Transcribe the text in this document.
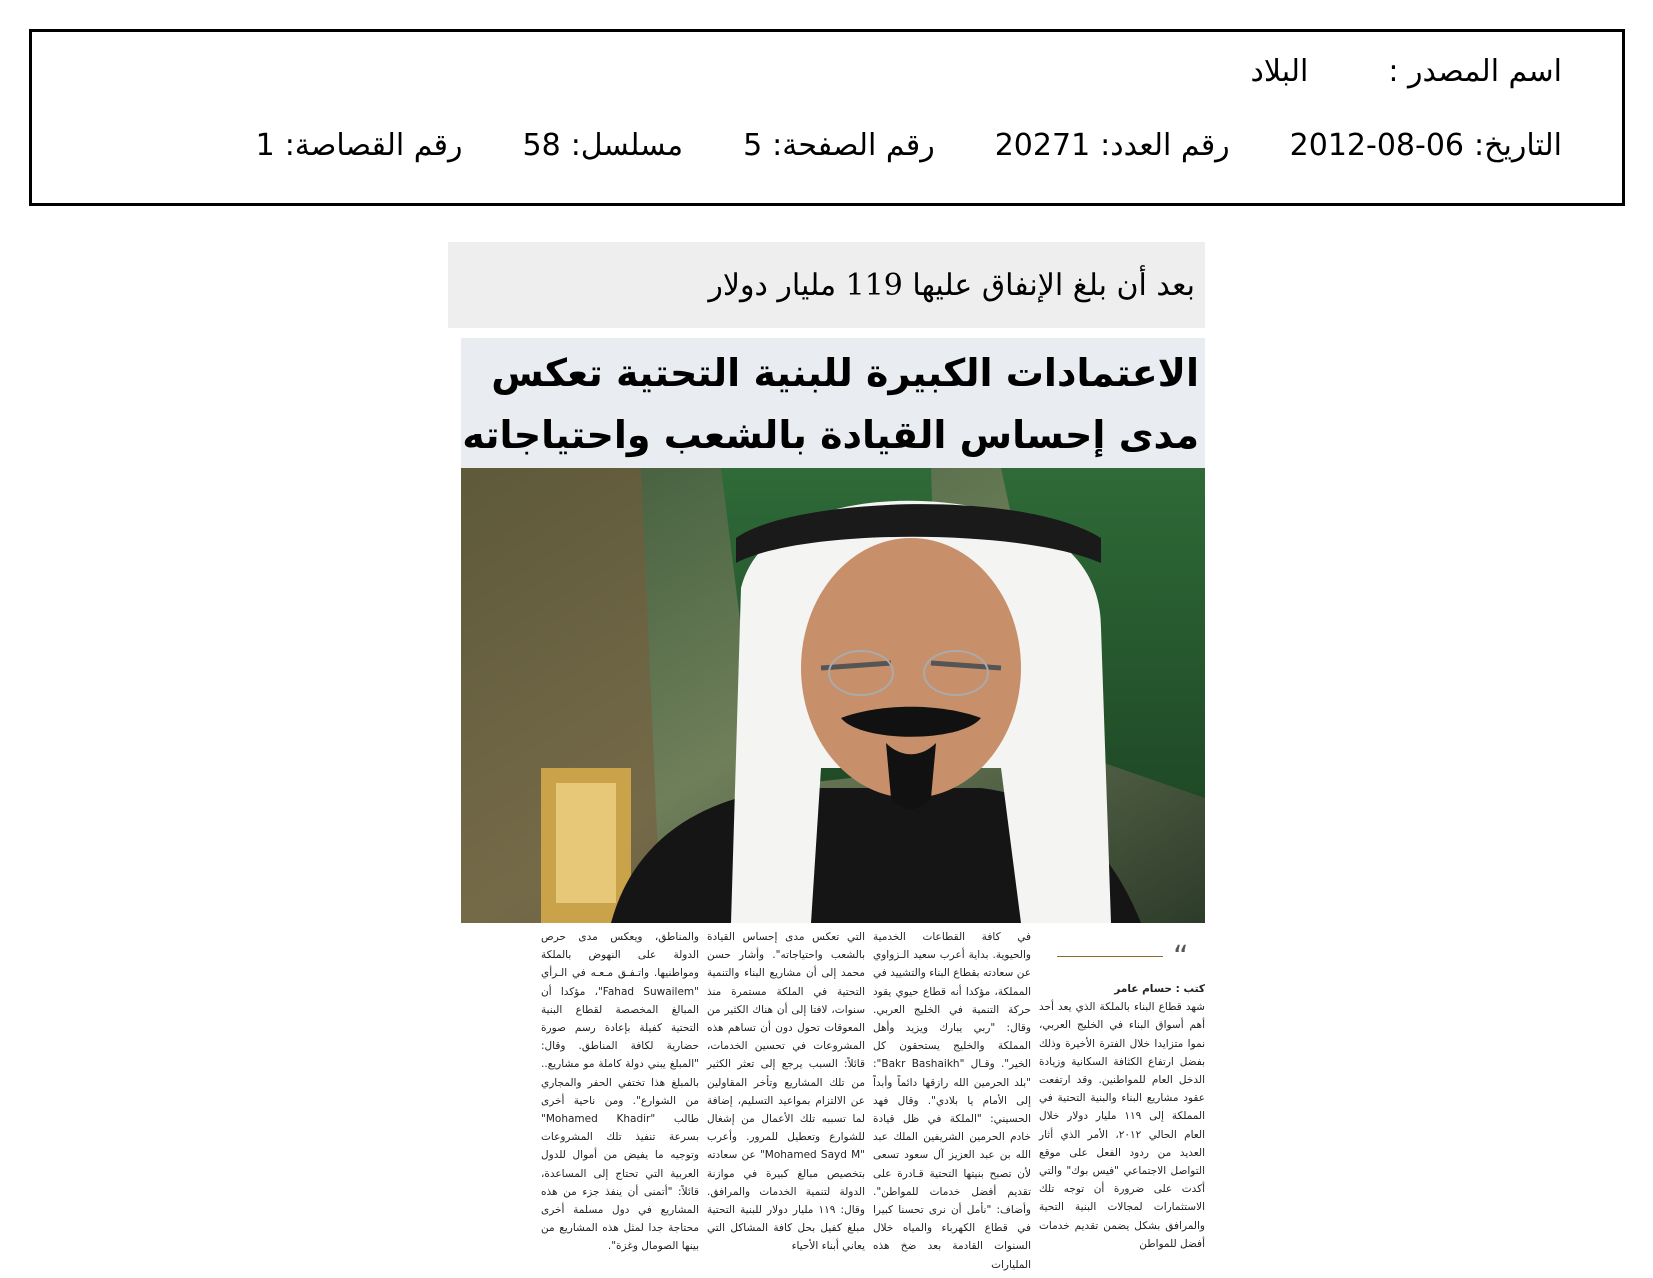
اسم المصدر :
البلاد
التاريخ:
2012-08-06
رقم العدد:
20271
رقم الصفحة:
5
مسلسل:
58
رقم القصاصة:
1
بعد أن بلغ الإنفاق عليها 119 مليار دولار
الاعتمادات الكبيرة للبنية التحتية تعكس
مدى إحساس القيادة بالشعب واحتياجاته
“
كتب : حسام عامر
شهد قطاع البناء بالملكة الذي يعد أحد أهم أسواق البناء في الخليج العربي، نموا متزايدا خلال الفترة الأخيرة وذلك بفضل ارتفاع الكثافة السكانية وزيادة الدخل العام للمواطنين. وقد ارتفعت عقود مشاريع البناء والبنية التحتية في المملكة إلى ١١٩ مليار دولار خلال العام الحالي ٢٠١٢، الأمر الذي أثار العديد من ردود الفعل على موقع التواصل الاجتماعي "فيس بوك" والتي أكدت على ضرورة أن توجه تلك الاستثمارات لمجالات البنية التحية والمرافق بشكل يضمن تقديم خدمات أفضل للمواطن
في كافة القطاعات الخدمية والحيوية. بداية أعرب سعيد الـزواوي عن سعادته بقطاع البناء والتشييد في المملكة، مؤكدا أنه قطاع حيوي يقود حركة التنمية في الخليج العربي. وقال: "ربي يبارك ويزيد وأهل المملكة والخليج يستحقون كل الخير". وقـال "Bakr Bashaikh": "بلد الحرمين الله رازقها دائماً وأبداً إلى الأمام يا بلادي". وقال فهد الحسيني: "الملكة في ظل قيادة خادم الحرمين الشريفين الملك عبد الله بن عبد العزيز آل سعود تسعى لأن تصبح بنيتها التحتية قـادرة على تقديم أفضل خدمات للمواطن". وأضاف: "نأمل أن نرى تحسنا كبيرا في قطاع الكهرباء والمياه خلال السنوات القادمة بعد ضخ هذه المليارات
التي تعكس مدى إحساس القيادة بالشعب واحتياجاته". وأشار حسن محمد إلى أن مشاريع البناء والتنمية التحتية في الملكة مستمرة منذ سنوات، لافتا إلى أن هناك الكثير من المعوقات تحول دون أن تساهم هذه المشروعات في تحسين الخدمات، قائلاً: السبب يرجع إلى تعثر الكثير من تلك المشاريع وتأخر المقاولين عن الالتزام بمواعيد التسليم، إضافة لما تسببه تلك الأعمال من إشغال للشوارع وتعطيل للمرور. وأعرب "Mohamed Sayd M" عن سعادته بتخصيص مبالغ كبيرة في موازنة الدولة لتنمية الخدمات والمرافق. وقال: ١١٩ مليار دولار للبنية التحتية مبلغ كفيل بحل كافة المشاكل التي يعاني أبناء الأحياء
والمناطق، ويعكس مدى حرص الدولة على النهوض بالملكة ومواطنيها. واتـفـق مـعـه في الـرأي "Fahad Suwailem"، مؤكدا أن المبالغ المخصصة لقطاع البنية التحتية كفيلة بإعادة رسم صورة حضارية لكافة المناطق. وقال: "المبلغ يبني دولة كاملة مو مشاريع.. بالمبلغ هذا تختفي الحفر والمجاري من الشوارع". ومن ناحية أخرى طالب "Mohamed Khadir" بسرعة تنفيذ تلك المشروعات وتوجيه ما يفيض من أموال للدول العربية التي تحتاج إلى المساعدة، قائلاً: "أتمنى أن ينفذ جزء من هذه المشاريع في دول مسلمة أخرى محتاجة جدا لمثل هذه المشاريع من بينها الصومال وغزة".
